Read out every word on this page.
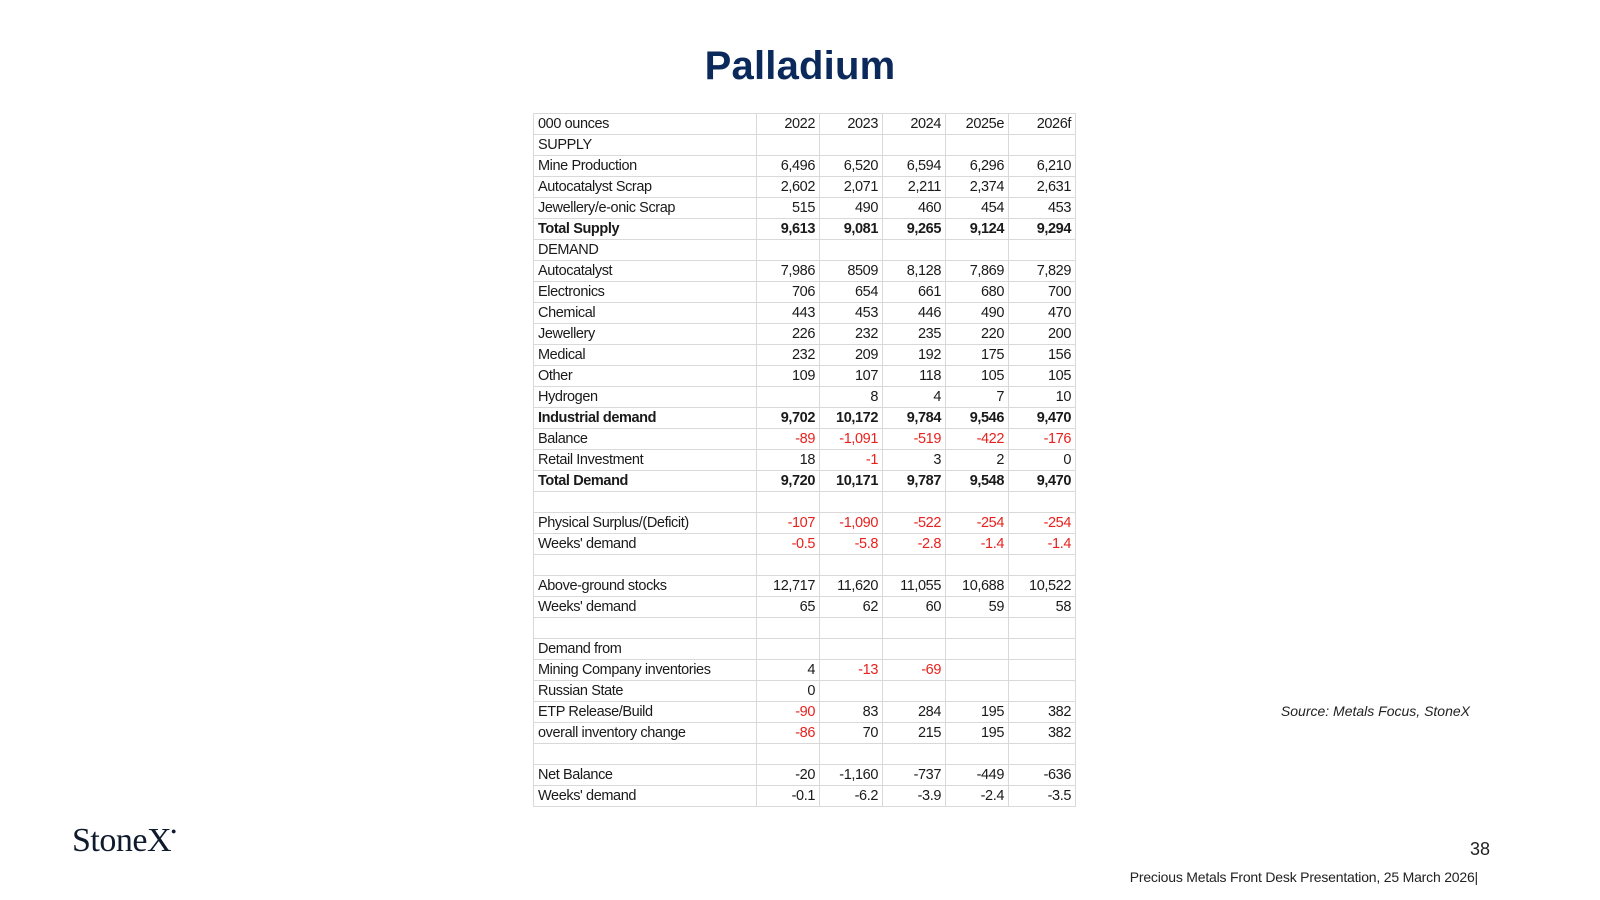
Palladium
000 ounces	2022	2023	2024	2025e	2026f
SUPPLY					
Mine Production	6,496	6,520	6,594	6,296	6,210
Autocatalyst Scrap	2,602	2,071	2,211	2,374	2,631
Jewellery/e-onic Scrap	515	490	460	454	453
Total Supply	9,613	9,081	9,265	9,124	9,294
DEMAND					
Autocatalyst	7,986	8509	8,128	7,869	7,829
Electronics	706	654	661	680	700
Chemical	443	453	446	490	470
Jewellery	226	232	235	220	200
Medical	232	209	192	175	156
Other	109	107	118	105	105
Hydrogen		8	4	7	10
Industrial demand	9,702	10,172	9,784	9,546	9,470
Balance	-89	-1,091	-519	-422	-176
Retail Investment	18	-1	3	2	0
Total Demand	9,720	10,171	9,787	9,548	9,470

Physical Surplus/(Deficit)	-107	-1,090	-522	-254	-254
Weeks' demand	-0.5	-5.8	-2.8	-1.4	-1.4

Above-ground stocks	12,717	11,620	11,055	10,688	10,522
Weeks' demand	65	62	60	59	58

Demand from					
Mining Company inventories	4	-13	-69		
Russian State	0				
ETP Release/Build	-90	83	284	195	382
overall inventory change	-86	70	215	195	382

Net Balance	-20	-1,160	-737	-449	-636
Weeks' demand	-0.1	-6.2	-3.9	-2.4	-3.5
Source: Metals Focus, StoneX
StoneX●
38
Precious Metals Front Desk Presentation, 25 March 2026|
